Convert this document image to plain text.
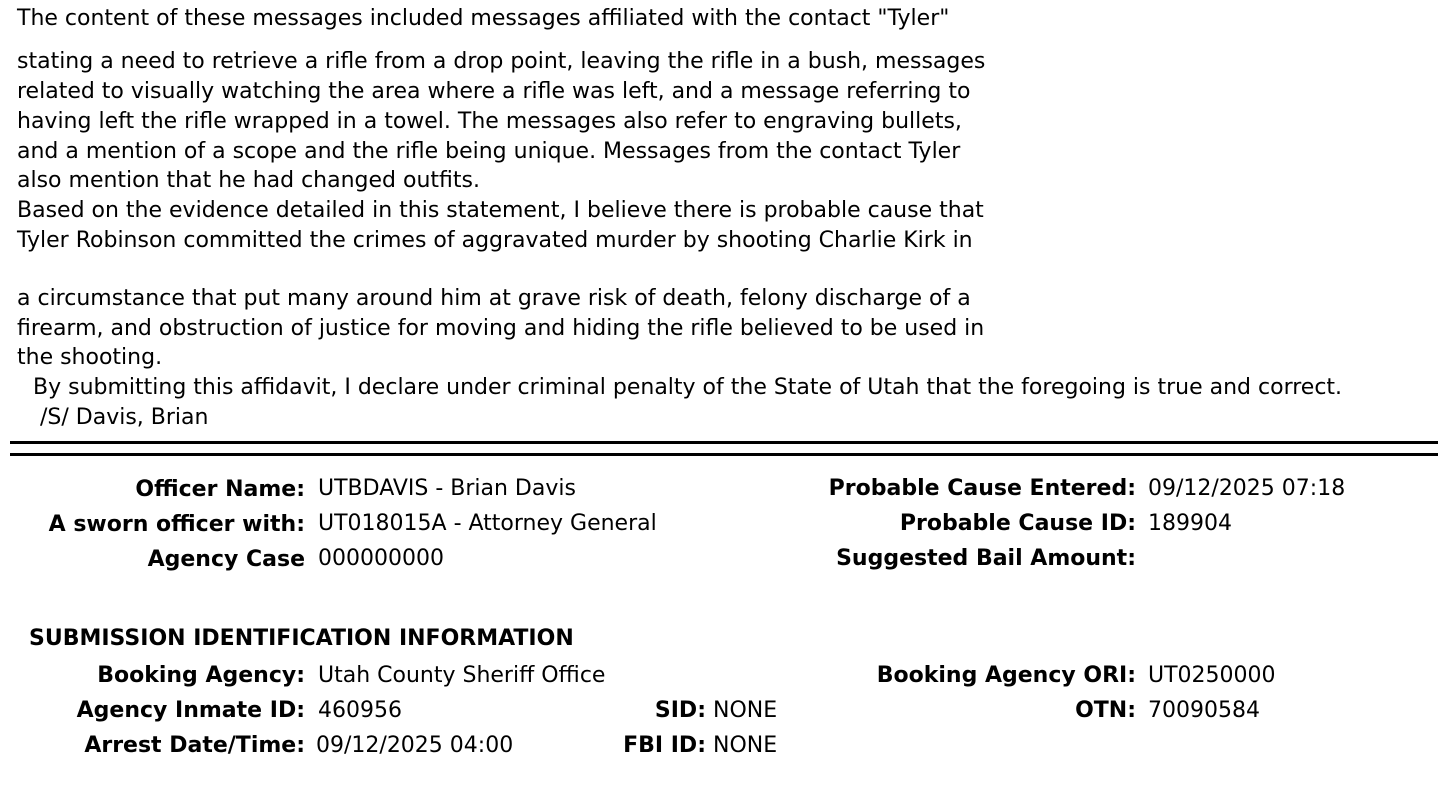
The content of these messages included messages affiliated with the contact "Tyler"
stating a need to retrieve a rifle from a drop point, leaving the rifle in a bush, messages
related to visually watching the area where a rifle was left, and a message referring to
having left the rifle wrapped in a towel. The messages also refer to engraving bullets,
and a mention of a scope and the rifle being unique. Messages from the contact Tyler
also mention that he had changed outfits.
Based on the evidence detailed in this statement, I believe there is probable cause that
Tyler Robinson committed the crimes of aggravated murder by shooting Charlie Kirk in
a circumstance that put many around him at grave risk of death, felony discharge of a
firearm, and obstruction of justice for moving and hiding the rifle believed to be used in
the shooting.
By submitting this affidavit, I declare under criminal penalty of the State of Utah that the foregoing is true and correct.
/S/ Davis, Brian
Officer Name: UTBDAVIS - Brian Davis
A sworn officer with: UT018015A - Attorney General
Agency Case 000000000
Probable Cause Entered: 09/12/2025 07:18
Probable Cause ID: 189904
Suggested Bail Amount:
SUBMISSION IDENTIFICATION INFORMATION
Booking Agency: Utah County Sheriff Office
Agency Inmate ID: 460956
Arrest Date/Time: 09/12/2025 04:00
SID: NONE
FBI ID: NONE
Booking Agency ORI: UT0250000
OTN: 70090584
